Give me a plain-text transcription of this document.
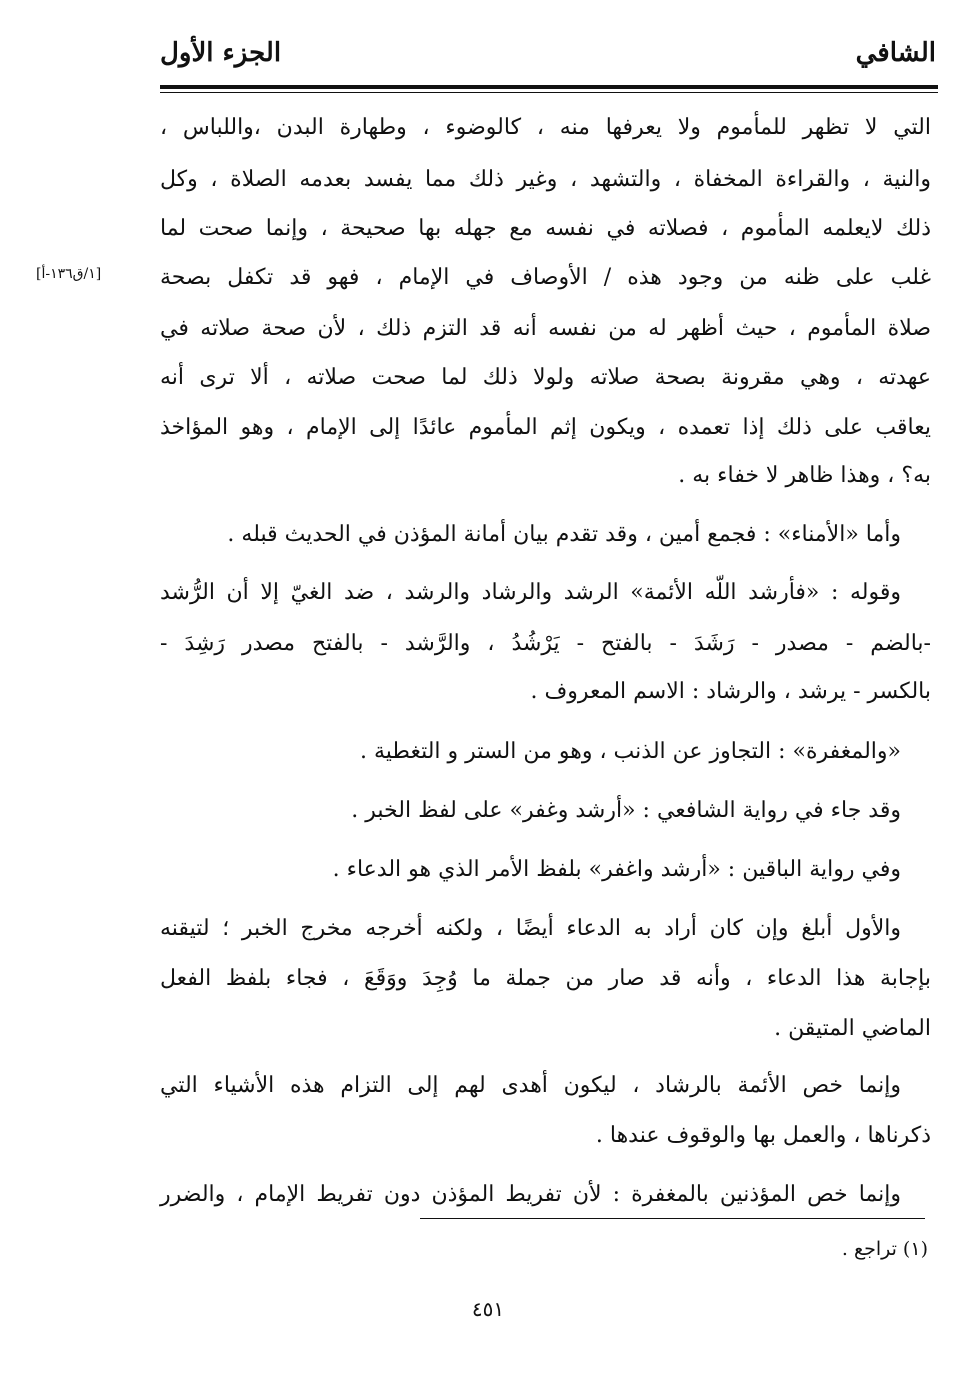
الشافي
الجزء الأول
[١/ق١٣٦-أ]
التي لا تظهر للمأموم ولا يعرفها منه ، كالوضوء ، وطهارة البدن ،واللباس ،
والنية ، والقراءة المخفاة ، والتشهد ، وغير ذلك مما يفسد بعدمه الصلاة ، وكل
ذلك لايعلمه المأموم ، فصلاته في نفسه مع جهله بها صحيحة ، وإنما صحت لما
غلب على ظنه من وجود هذه / الأوصاف في الإمام ، فهو قد تكفل بصحة
صلاة المأموم ، حيث أظهر له من نفسه أنه قد التزم ذلك ، لأن صحة صلاته في
عهدته ، وهي مقرونة بصحة صلاته ولولا ذلك لما صحت صلاته ، ألا ترى أنه
يعاقب على ذلك إذا تعمده ، ويكون إثم المأموم عائدًا إلى الإمام ، وهو المؤاخذ
به؟ ، وهذا ظاهر لا خفاء به .
وأما «الأمناء» : فجمع أمين ، وقد تقدم بيان أمانة المؤذن في الحديث قبله .
وقوله : «فأرشد اللّه الأئمة» الرشد والرشاد والرشد ، ضد الغيّ إلا أن الرُّشد
-بالضم - مصدر - رَشَدَ - بالفتح - يَرْشُدُ ، والرَّشد - بالفتح مصدر رَشِدَ -
بالكسر - يرشد ، والرشاد : الاسم المعروف .
«والمغفرة» : التجاوز عن الذنب ، وهو من الستر و التغطية .
وقد جاء في رواية الشافعي : «أرشد وغفر» على لفظ الخبر .
وفي رواية الباقين : «أرشد واغفر» بلفظ الأمر الذي هو الدعاء .
والأول أبلغ وإن كان أراد به الدعاء أيضًا ، ولكنه أخرجه مخرج الخبر ؛ لتيقنه
بإجابة هذا الدعاء ، وأنه قد صار من جملة ما وُجِدَ ووَقَعَ ، فجاء بلفظ الفعل
الماضي المتيقن .
وإنما خص الأئمة بالرشاد ، ليكون أهدى لهم إلى التزام هذه الأشياء التي
ذكرناها ، والعمل بها والوقوف عندها .
وإنما خص المؤذنين بالمغفرة : لأن تفريط المؤذن دون تفريط الإمام ، والضرر
(١) تراجع .
٤٥١
